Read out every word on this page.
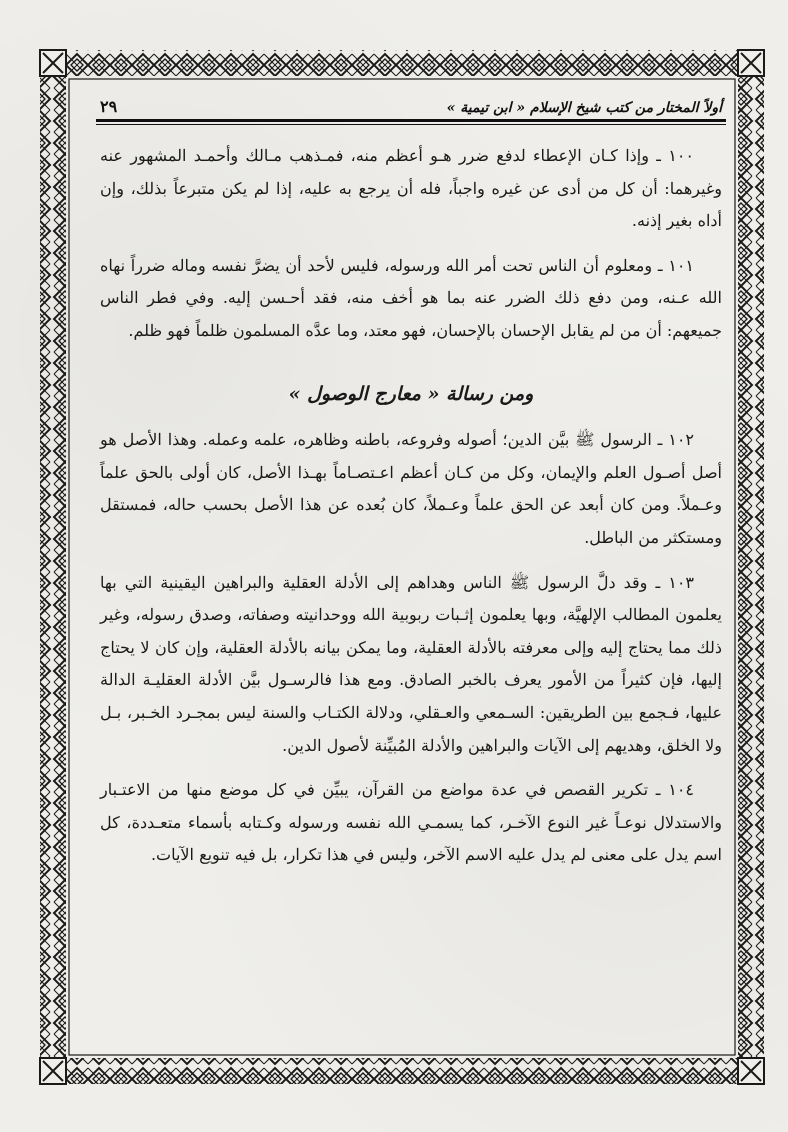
أولاً المختار من كتب شيخ الإسلام « ابن تيمية »
٢٩

١٠٠ ـ وإذا كـان الإعطاء لدفع ضرر هـو أعظم منه، فمـذهب مـالك وأحمـد المشهور عنه وغيرهما: أن كل من أدى عن غيره واجباً، فله أن يرجع به عليه، إذا لم يكن متبرعاً بذلك، وإن أداه بغير إذنه.

١٠١ ـ ومعلوم أن الناس تحت أمر الله ورسوله، فليس لأحد أن يضرَّ نفسه وماله ضرراً نهاه الله عـنه، ومن دفع ذلك الضرر عنه بما هو أخف منه، فقد أحـسن إليه. وفي فطر الناس جميعهم: أن من لم يقابل الإحسان بالإحسان، فهو معتد، وما عدَّه المسلمون ظلماً فهو ظلم.

ومن رسالة « معارج الوصول »

١٠٢ ـ الرسول ﷺ بيَّن الدين؛ أصوله وفروعه، باطنه وظاهره، علمه وعمله. وهذا الأصل هو أصل أصـول العلم والإيمان، وكل من كـان أعظم اعـتصـاماً بهـذا الأصل، كان أولى بالحق علماً وعـملاً. ومن كان أبعد عن الحق علماً وعـملاً، كان بُعده عن هذا الأصل بحسب حاله، فمستقل ومستكثر من الباطل.

١٠٣ ـ وقد دلَّ الرسول ﷺ الناس وهداهم إلى الأدلة العقلية والبراهين اليقينية التي بها يعلمون المطالب الإلهيَّة، وبها يعلمون إثـبات ربوبية الله ووحدانيته وصفاته، وصدق رسوله، وغير ذلك مما يحتاج إليه وإلى معرفته بالأدلة العقلية، وما يمكن بيانه بالأدلة العقلية، وإن كان لا يحتاج إليها، فإن كثيراً من الأمور يعرف بالخبر الصادق. ومع هذا فالرسـول بيَّن الأدلة العقليـة الدالة عليها، فـجمع بين الطريقين: السـمعي والعـقلي، ودلالة الكتـاب والسنة ليس بمجـرد الخـبر، بـل ولا الخلق، وهديهم إلى الآيات والبراهين والأدلة المُبيِّنة لأصول الدين.

١٠٤ ـ تكرير القصص في عدة مواضع من القرآن، يبيِّن في كل موضع منها من الاعتـبار والاستدلال نوعـاً غير النوع الآخـر، كما يسمـي الله نفسه ورسوله وكـتابه بأسماء متعـددة، كل اسم يدل على معنى لم يدل عليه الاسم الآخر، وليس في هذا تكرار، بل فيه تنويع الآيات.
